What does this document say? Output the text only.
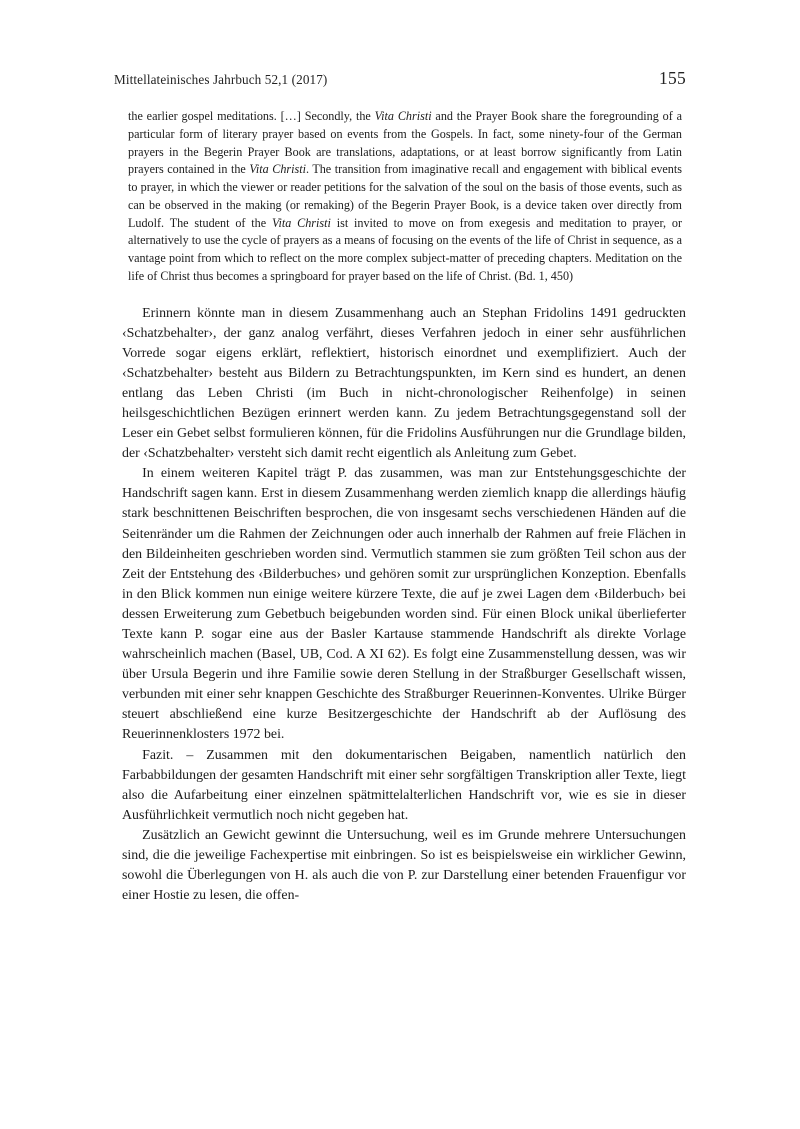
Mittellateinisches Jahrbuch 52,1 (2017)	155

the earlier gospel meditations. […] Secondly, the Vita Christi and the Prayer Book share the foregrounding of a particular form of literary prayer based on events from the Gospels. In fact, some ninety-four of the German prayers in the Begerin Prayer Book are translations, adaptations, or at least borrow significantly from Latin prayers contained in the Vita Christi. The transition from imaginative recall and engagement with biblical events to prayer, in which the viewer or reader petitions for the salvation of the soul on the basis of those events, such as can be observed in the making (or remaking) of the Begerin Prayer Book, is a device taken over directly from Ludolf. The student of the Vita Christi ist invited to move on from exegesis and meditation to prayer, or alternatively to use the cycle of prayers as a means of focusing on the events of the life of Christ in sequence, as a vantage point from which to reflect on the more complex subject-matter of preceding chapters. Meditation on the life of Christ thus becomes a springboard for prayer based on the life of Christ. (Bd. 1, 450)

Erinnern könnte man in diesem Zusammenhang auch an Stephan Fridolins 1491 gedruckten ‹Schatzbehalter›, der ganz analog verfährt, dieses Verfahren jedoch in einer sehr ausführlichen Vorrede sogar eigens erklärt, reflektiert, historisch einordnet und exemplifiziert. Auch der ‹Schatzbehalter› besteht aus Bildern zu Betrachtungspunkten, im Kern sind es hundert, an denen entlang das Leben Christi (im Buch in nicht-chronologischer Reihenfolge) in seinen heilsgeschichtlichen Bezügen erinnert werden kann. Zu jedem Betrachtungsgegenstand soll der Leser ein Gebet selbst formulieren können, für die Fridolins Ausführungen nur die Grundlage bilden, der ‹Schatzbehalter› versteht sich damit recht eigentlich als Anleitung zum Gebet.

In einem weiteren Kapitel trägt P. das zusammen, was man zur Entstehungsgeschichte der Handschrift sagen kann. Erst in diesem Zusammenhang werden ziemlich knapp die allerdings häufig stark beschnittenen Beischriften besprochen, die von insgesamt sechs verschiedenen Händen auf die Seitenränder um die Rahmen der Zeichnungen oder auch innerhalb der Rahmen auf freie Flächen in den Bildeinheiten geschrieben worden sind. Vermutlich stammen sie zum größten Teil schon aus der Zeit der Entstehung des ‹Bilderbuches› und gehören somit zur ursprünglichen Konzeption. Ebenfalls in den Blick kommen nun einige weitere kürzere Texte, die auf je zwei Lagen dem ‹Bilderbuch› bei dessen Erweiterung zum Gebetbuch beigebunden worden sind. Für einen Block unikal überlieferter Texte kann P. sogar eine aus der Basler Kartause stammende Handschrift als direkte Vorlage wahrscheinlich machen (Basel, UB, Cod. A XI 62). Es folgt eine Zusammenstellung dessen, was wir über Ursula Begerin und ihre Familie sowie deren Stellung in der Straßburger Gesellschaft wissen, verbunden mit einer sehr knappen Geschichte des Straßburger Reuerinnen-Konventes. Ulrike Bürger steuert abschließend eine kurze Besitzergeschichte der Handschrift ab der Auflösung des Reuerinnenklosters 1972 bei.

Fazit. – Zusammen mit den dokumentarischen Beigaben, namentlich natürlich den Farbabbildungen der gesamten Handschrift mit einer sehr sorgfältigen Transkription aller Texte, liegt also die Aufarbeitung einer einzelnen spätmittelalterlichen Handschrift vor, wie es sie in dieser Ausführlichkeit vermutlich noch nicht gegeben hat.

Zusätzlich an Gewicht gewinnt die Untersuchung, weil es im Grunde mehrere Untersuchungen sind, die die jeweilige Fachexpertise mit einbringen. So ist es beispielsweise ein wirklicher Gewinn, sowohl die Überlegungen von H. als auch die von P. zur Darstellung einer betenden Frauenfigur vor einer Hostie zu lesen, die offen-
